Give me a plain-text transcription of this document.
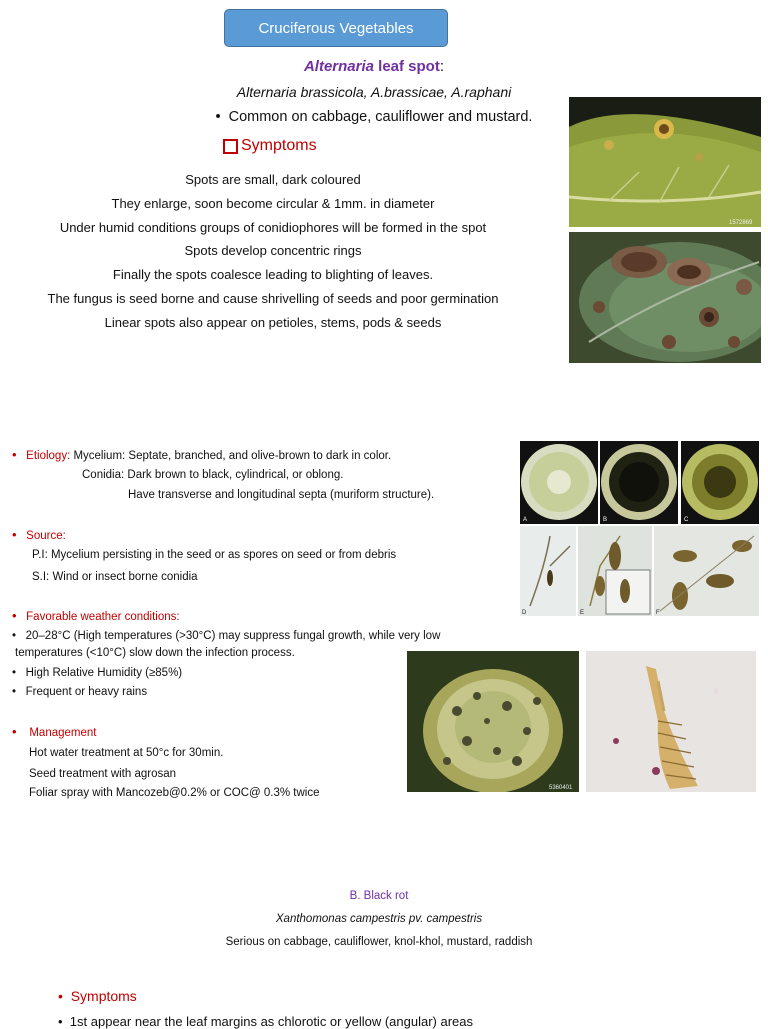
Cruciferous Vegetables
Alternaria leaf spot:
Alternaria brassicola, A.brassicae, A.raphani
• Common on cabbage, cauliflower and mustard.
Symptoms
Spots are small, dark coloured
They enlarge, soon become circular & 1mm. in diameter
Under humid conditions groups of conidiophores will be formed in the spot
Spots develop concentric rings
Finally the spots coalesce leading to blighting of leaves.
The fungus is seed borne and cause shrivelling of seeds and poor germination
Linear spots also appear on petioles, stems, pods & seeds
1572869
• Etiology: Mycelium: Septate, branched, and olive-brown to dark in color.
Conidia: Dark brown to black, cylindrical, or oblong.
Have transverse and longitudinal septa (muriform structure).
• Source:
P.I: Mycelium persisting in the seed or as spores on seed or from debris
S.I: Wind or insect borne conidia
• Favorable weather conditions:
• 20–28°C (High temperatures (>30°C) may suppress fungal growth, while very low
temperatures (<10°C) slow down the infection process.
• High Relative Humidity (≥85%)
• Frequent or heavy rains
• Management
Hot water treatment at 50°c for 30min.
Seed treatment with agrosan
Foliar spray with Mancozeb@0.2% or COC@ 0.3% twice
A	B	C
D	E	F
5360401
B. Black rot
Xanthomonas campestris pv. campestris
Serious on cabbage, cauliflower, knol-khol, mustard, raddish
• Symptoms
• 1st appear near the leaf margins as chlorotic or yellow (angular) areas
